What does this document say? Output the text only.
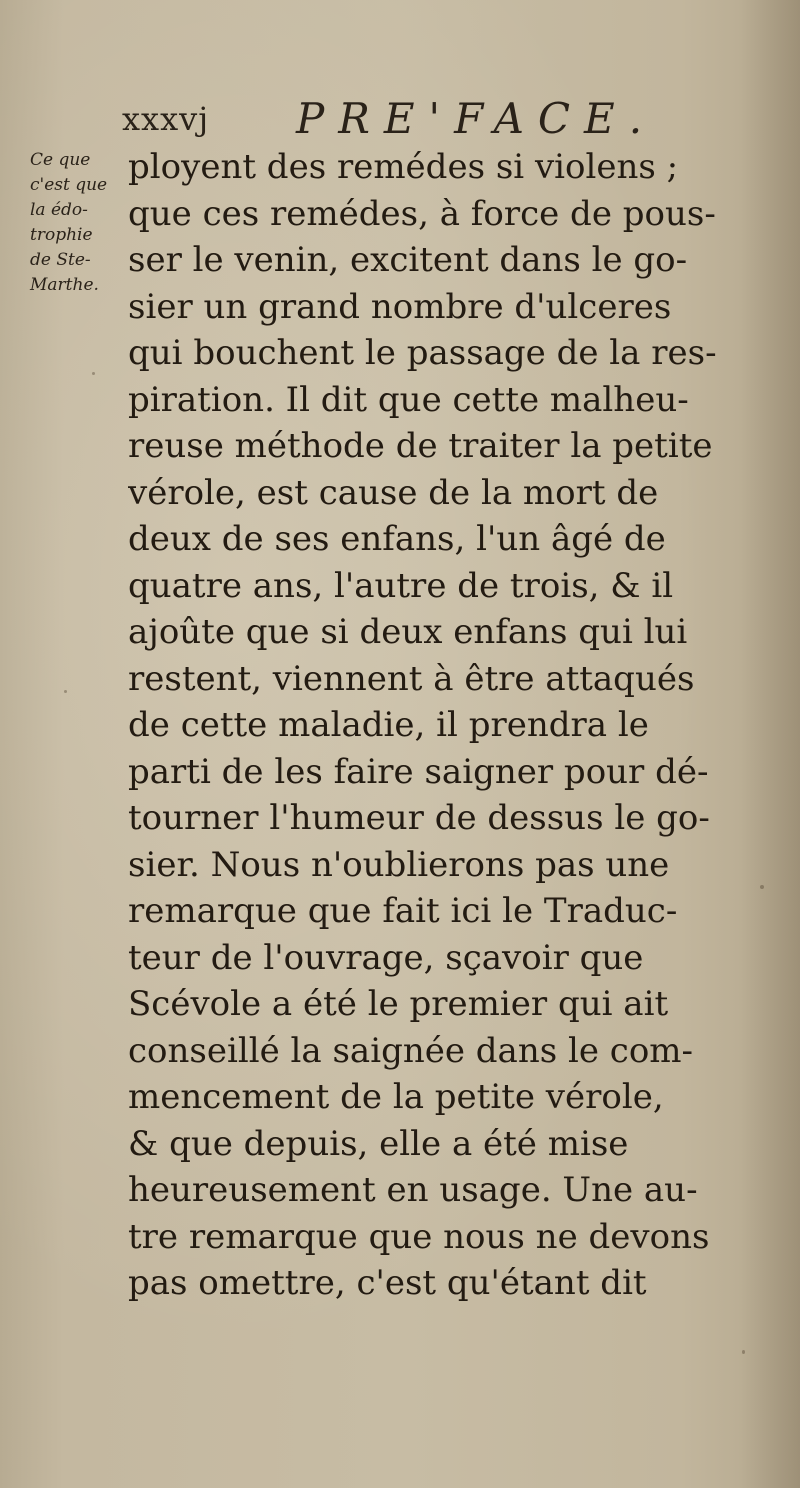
xxxvj PRE'FACE.
Ce que
c'est que
la édo-
trophie
de Ste-
Marthe.
ployent des remédes si violens ;
que ces remédes, à force de pous-
ser le venin, excitent dans le go-
sier un grand nombre d'ulceres
qui bouchent le passage de la res-
piration. Il dit que cette malheu-
reuse méthode de traiter la petite
vérole, est cause de la mort de
deux de ses enfans, l'un âgé de
quatre ans, l'autre de trois, & il
ajoûte que si deux enfans qui lui
restent, viennent à être attaqués
de cette maladie, il prendra le
parti de les faire saigner pour dé-
tourner l'humeur de dessus le go-
sier. Nous n'oublierons pas une
remarque que fait ici le Traduc-
teur de l'ouvrage, sçavoir que
Scévole a été le premier qui ait
conseillé la saignée dans le com-
mencement de la petite vérole,
& que depuis, elle a été mise
heureusement en usage. Une au-
tre remarque que nous ne devons
pas omettre, c'est qu'étant dit
